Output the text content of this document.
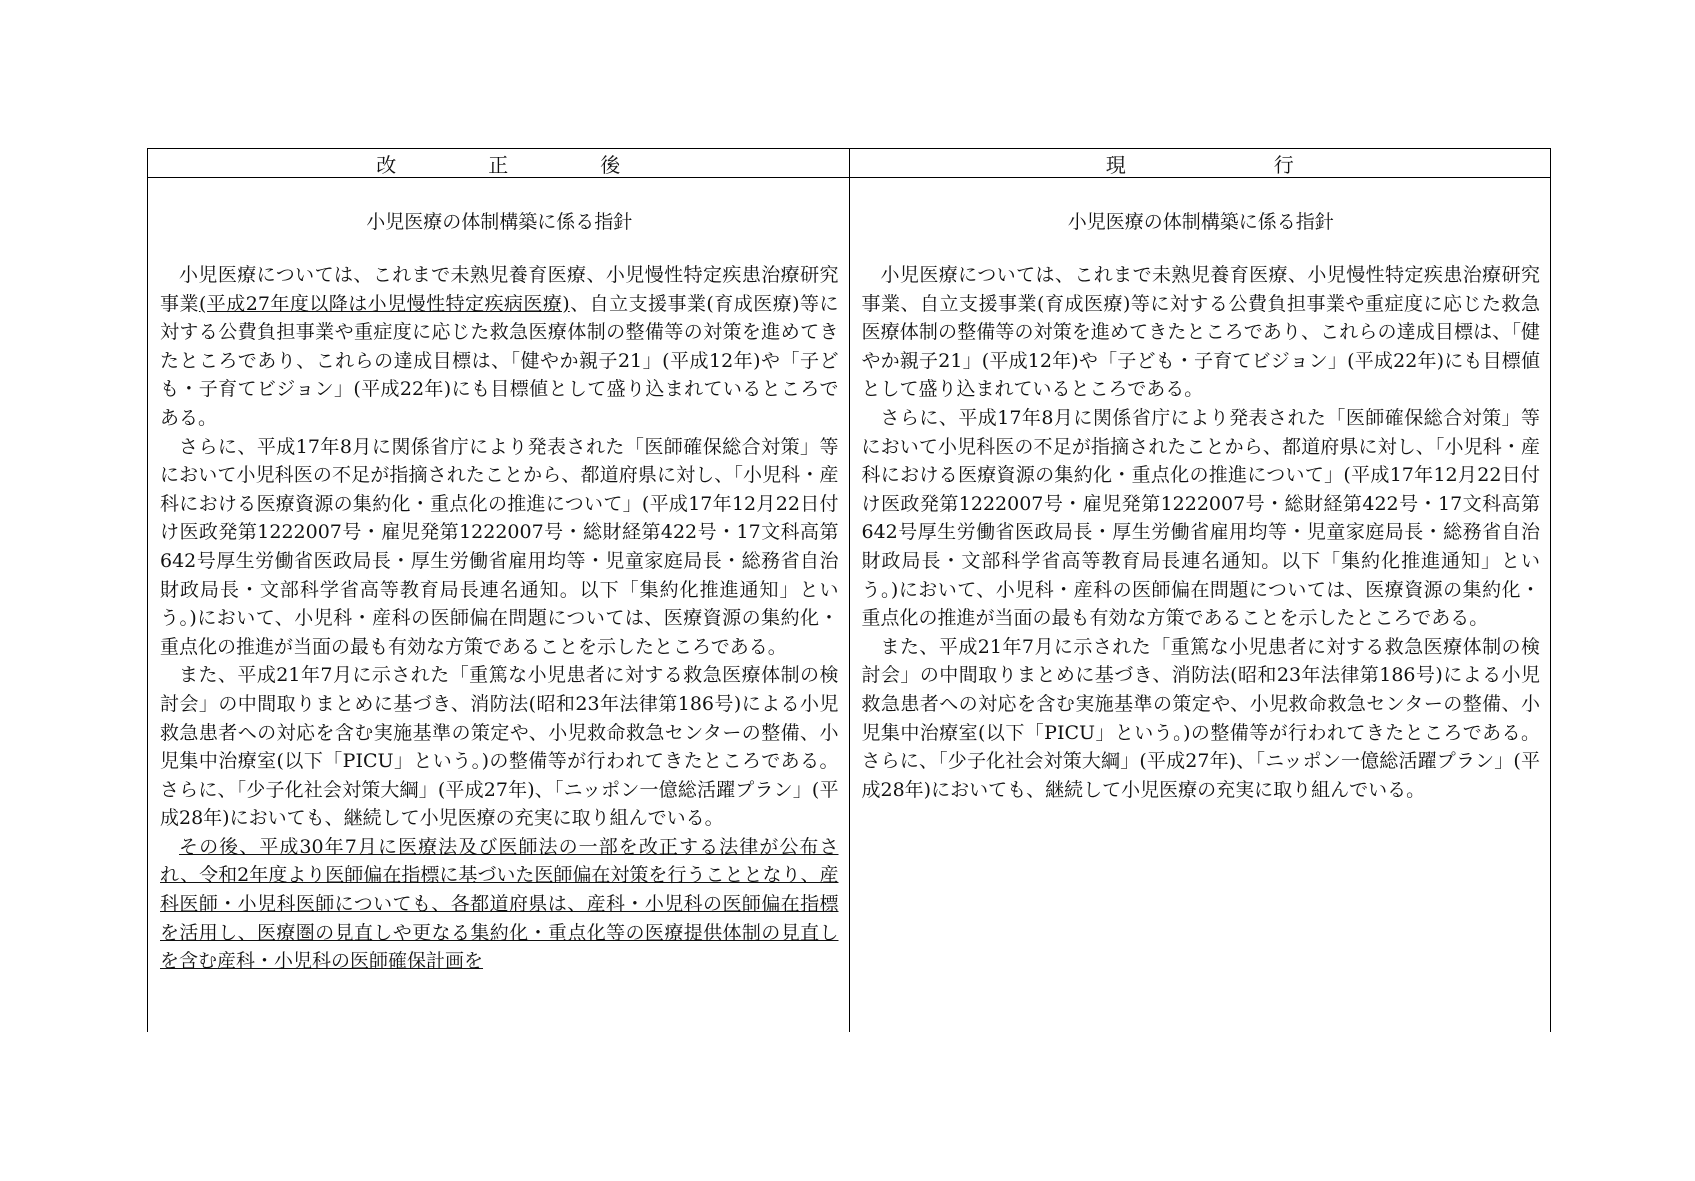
改　正　後	現　　行
小児医療の体制構築に係る指針

小児医療については、これまで未熟児養育医療、小児慢性特定疾患治療研究事業(平成27年度以降は小児慢性特定疾病医療)、自立支援事業(育成医療)等に対する公費負担事業や重症度に応じた救急医療体制の整備等の対策を進めてきたところであり、これらの達成目標は、「健やか親子21」(平成12年)や「子ども・子育てビジョン」(平成22年)にも目標値として盛り込まれているところである。

さらに、平成17年8月に関係省庁により発表された「医師確保総合対策」等において小児科医の不足が指摘されたことから、都道府県に対し、「小児科・産科における医療資源の集約化・重点化の推進について」(平成17年12月22日付け医政発第1222007号・雇児発第1222007号・総財経第422号・17文科高第642号厚生労働省医政局長・厚生労働省雇用均等・児童家庭局長・総務省自治財政局長・文部科学省高等教育局長連名通知。以下「集約化推進通知」という。)において、小児科・産科の医師偏在問題については、医療資源の集約化・重点化の推進が当面の最も有効な方策であることを示したところである。

また、平成21年7月に示された「重篤な小児患者に対する救急医療体制の検討会」の中間取りまとめに基づき、消防法(昭和23年法律第186号)による小児救急患者への対応を含む実施基準の策定や、小児救命救急センターの整備、小児集中治療室(以下「PICU」という。)の整備等が行われてきたところである。さらに、「少子化社会対策大綱」(平成27年)、「ニッポン一億総活躍プラン」(平成28年)においても、継続して小児医療の充実に取り組んでいる。

その後、平成30年7月に医療法及び医師法の一部を改正する法律が公布され、令和2年度より医師偏在指標に基づいた医師偏在対策を行うこととなり、産科医師・小児科医師についても、各都道府県は、産科・小児科の医師偏在指標を活用し、医療圏の見直しや更なる集約化・重点化等の医療提供体制の見直しを含む産科・小児科の医師確保計画を

小児医療の体制構築に係る指針

小児医療については、これまで未熟児養育医療、小児慢性特定疾患治療研究事業、自立支援事業(育成医療)等に対する公費負担事業や重症度に応じた救急医療体制の整備等の対策を進めてきたところであり、これらの達成目標は、「健やか親子21」(平成12年)や「子ども・子育てビジョン」(平成22年)にも目標値として盛り込まれているところである。

さらに、平成17年8月に関係省庁により発表された「医師確保総合対策」等において小児科医の不足が指摘されたことから、都道府県に対し、「小児科・産科における医療資源の集約化・重点化の推進について」(平成17年12月22日付け医政発第1222007号・雇児発第1222007号・総財経第422号・17文科高第642号厚生労働省医政局長・厚生労働省雇用均等・児童家庭局長・総務省自治財政局長・文部科学省高等教育局長連名通知。以下「集約化推進通知」という。)において、小児科・産科の医師偏在問題については、医療資源の集約化・重点化の推進が当面の最も有効な方策であることを示したところである。

また、平成21年7月に示された「重篤な小児患者に対する救急医療体制の検討会」の中間取りまとめに基づき、消防法(昭和23年法律第186号)による小児救急患者への対応を含む実施基準の策定や、小児救命救急センターの整備、小児集中治療室(以下「PICU」という。)の整備等が行われてきたところである。さらに、「少子化社会対策大綱」(平成27年)、「ニッポン一億総活躍プラン」(平成28年)においても、継続して小児医療の充実に取り組んでいる。
